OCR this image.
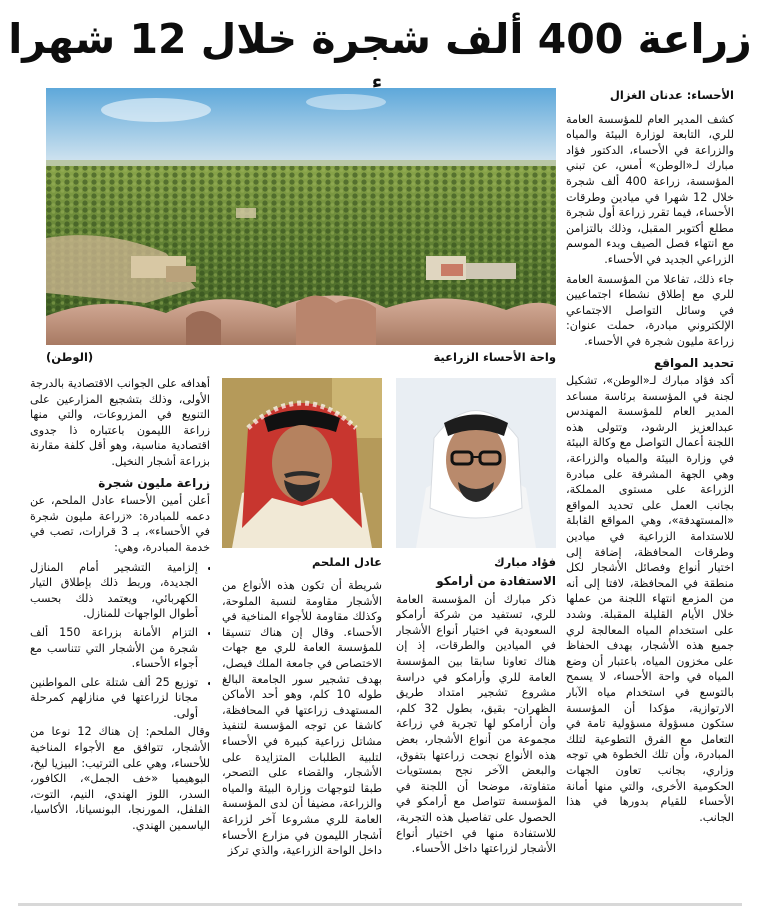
زراعة 400 ألف شجرة خلال 12 شهرا
الأحساء: عدنان الغزال

كشف المدير العام للمؤسسة العامة للري، التابعة لوزارة البيئة والمياه والزراعة في الأحساء، الدكتور فؤاد مبارك لـ«الوطن» أمس، عن تبني المؤسسة، زراعة 400 ألف شجرة خلال 12 شهرا في ميادين وطرقات الأحساء، فيما تقرر زراعة أول شجرة مطلع أكتوبر المقبل، وذلك بالتزامن مع انتهاء فصل الصيف وبدء الموسم الزراعي الجديد في الأحساء.

جاء ذلك، تفاعلا من المؤسسة العامة للري مع إطلاق نشطاء اجتماعيين في وسائل التواصل الاجتماعي الإلكتروني مبادرة، حملت عنوان: زراعة مليون شجرة في الأحساء.

تحديد المواقع

أكد فؤاد مبارك لـ«الوطن»، تشكيل لجنة في المؤسسة برئاسة مساعد المدير العام للمؤسسة المهندس عبدالعزيز الرشود، وتتولى هذه اللجنة أعمال التواصل مع وكالة البيئة في وزارة البيئة والمياه والزراعة، وهي الجهة المشرفة على مبادرة الزراعة على مستوى المملكة، بجانب العمل على تحديد المواقع «المستهدفة»، وهي المواقع القابلة للاستدامة الزراعية في ميادين وطرقات المحافظة، إضافة إلى اختيار أنواع وفصائل الأشجار لكل منطقة في المحافظة، لافتا إلى أنه من المزمع انتهاء اللجنة من عملها خلال الأيام القليلة المقبلة. وشدد على استخدام المياه المعالجة لري جميع هذه الأشجار، بهدف الحفاظ على مخزون المياه، باعتبار أن وضع المياه في واحة الأحساء، لا يسمح بالتوسع في استخدام مياه الآبار الارتوازية، مؤكدا أن المؤسسة ستكون مسؤولة مسؤولية تامة في التعامل مع الفرق التطوعية لتلك المبادرة، وأن تلك الخطوة هي توجه وزاري، بجانب تعاون الجهات الحكومية الأخرى، والتي منها أمانة الأحساء للقيام بدورها في هذا الجانب.

(الوطن)	واحة الأحساء الزراعية
فؤاد مبارك
عادل الملحم
الاستفادة من أرامكو

ذكر مبارك أن المؤسسة العامة للري، تستفيد من شركة أرامكو السعودية في اختيار أنواع الأشجار في الميادين والطرقات، إذ إن هناك تعاونا سابقا بين المؤسسة العامة للري وأرامكو في دراسة مشروع تشجير امتداد طريق الظهران- بقيق، بطول 32 كلم، وأن أرامكو لها تجربة في زراعة مجموعة من أنواع الأشجار، بعض هذه الأنواع نجحت زراعتها بتفوق، والبعض الآخر نجح بمستويات متفاوتة، موضحا أن اللجنة في المؤسسة تتواصل مع أرامكو في الحصول على تفاصيل هذه التجربة، للاستفادة منها في اختيار أنواع الأشجار لزراعتها داخل الأحساء.

شريطة أن تكون هذه الأنواع من الأشجار مقاومة لنسبة الملوحة، وكذلك مقاومة للأجواء المناخية في الأحساء. وقال إن هناك تنسيقا للمؤسسة العامة للري مع جهات الاختصاص في جامعة الملك فيصل، بهدف تشجير سور الجامعة البالغ طوله 10 كلم، وهو أحد الأماكن المستهدف زراعتها في المحافظة، كاشفا عن توجه المؤسسة لتنفيذ مشاتل زراعية كبيرة في الأحساء لتلبية الطلبات المتزايدة على الأشجار، والقضاء على التصحر، طبقا لتوجهات وزارة البيئة والمياه والزراعة، مضيفا أن لدى المؤسسة العامة للري مشروعا آخر لزراعة أشجار الليمون في مزارع الأحساء داخل الواحة الزراعية، والذي تركز

أهدافه على الجوانب الاقتصادية بالدرجة الأولى، وذلك بتشجيع المزارعين على التنويع في المزروعات، والتي منها زراعة الليمون باعتباره ذا جدوى اقتصادية مناسبة، وهو أقل كلفة مقارنة بزراعة أشجار النخيل.

زراعة مليون شجرة

أعلن أمين الأحساء عادل الملحم، عن دعمه للمبادرة: «زراعة مليون شجرة في الأحساء»، بـ 3 قرارات، تصب في خدمة المبادرة، وهي:

• إلزامية التشجير أمام المنازل الجديدة، وربط ذلك بإطلاق التيار الكهربائي، ويعتمد ذلك بحسب أطوال الواجهات للمنازل.
• التزام الأمانة بزراعة 150 ألف شجرة من الأشجار التي تتناسب مع أجواء الأحساء.
• توزيع 25 ألف شتلة على المواطنين مجانا لزراعتها في منازلهم كمرحلة أولى.

وقال الملحم: إن هناك 12 نوعا من الأشجار، تتوافق مع الأجواء المناخية للأحساء، وهي على الترتيب: البيزيا ليخ، البوهيميا «خف الجمل»، الكافور، السدر، اللوز الهندي، النيم، التوت، الفلفل، المورنجا، البونسيانا، الأكاسيا، الياسمين الهندي.
